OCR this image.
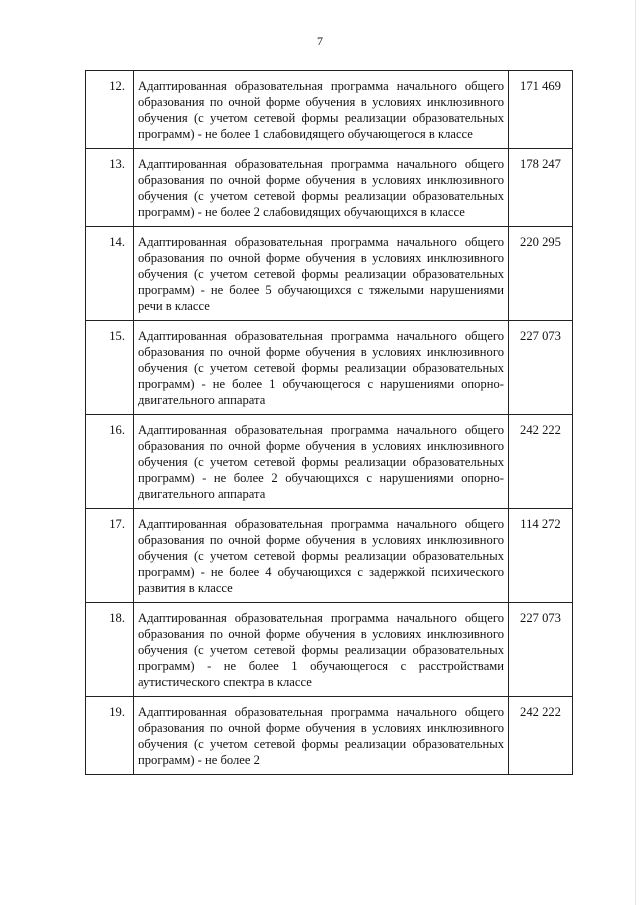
7
12.	Адаптированная образовательная программа начального общего образования по очной форме обучения в условиях инклюзивного обучения (с учетом сетевой формы реализации образовательных программ) - не более 1 слабовидящего обучающегося в классе	171 469
13.	Адаптированная образовательная программа начального общего образования по очной форме обучения в условиях инклюзивного обучения (с учетом сетевой формы реализации образовательных программ) - не более 2 слабовидящих обучающихся в классе	178 247
14.	Адаптированная образовательная программа начального общего образования по очной форме обучения в условиях инклюзивного обучения (с учетом сетевой формы реализации образовательных программ) - не более 5 обучающихся с тяжелыми нарушениями речи в классе	220 295
15.	Адаптированная образовательная программа начального общего образования по очной форме обучения в условиях инклюзивного обучения (с учетом сетевой формы реализации образовательных программ) - не более 1 обучающегося с нарушениями опорно-двигательного аппарата	227 073
16.	Адаптированная образовательная программа начального общего образования по очной форме обучения в условиях инклюзивного обучения (с учетом сетевой формы реализации образовательных программ) - не более 2 обучающихся с нарушениями опорно-двигательного аппарата	242 222
17.	Адаптированная образовательная программа начального общего образования по очной форме обучения в условиях инклюзивного обучения (с учетом сетевой формы реализации образовательных программ) - не более 4 обучающихся с задержкой психического развития в классе	114 272
18.	Адаптированная образовательная программа начального общего образования по очной форме обучения в условиях инклюзивного обучения (с учетом сетевой формы реализации образовательных программ) - не более 1 обучающегося с расстройствами аутистического спектра в классе	227 073
19.	Адаптированная образовательная программа начального общего образования по очной форме обучения в условиях инклюзивного обучения (с учетом сетевой формы реализации образовательных программ) - не более 2	242 222
